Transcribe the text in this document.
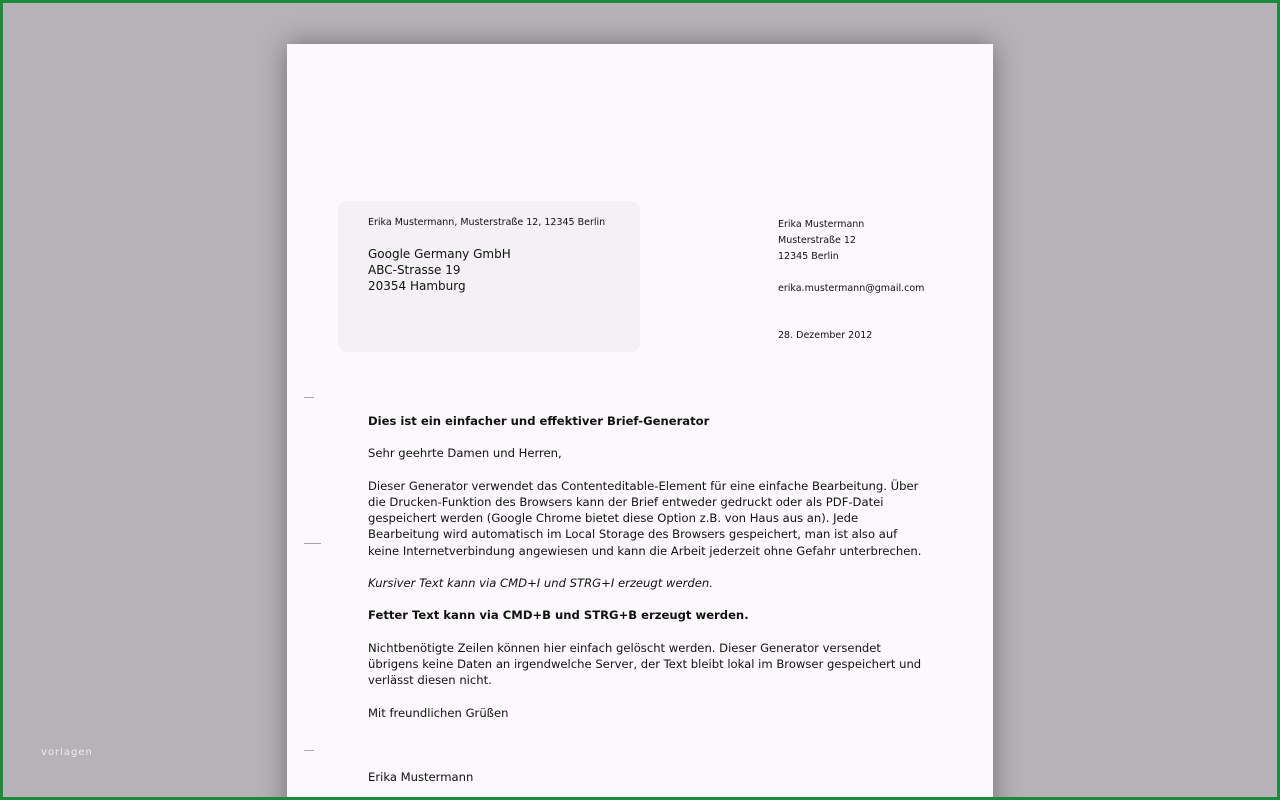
vorlagen
Erika Mustermann, Musterstraße 12, 12345 Berlin
Google Germany GmbH
ABC-Strasse 19
20354 Hamburg
Erika Mustermann
Musterstraße 12
12345 Berlin
erika.mustermann@gmail.com
28. Dezember 2012

Dies ist ein einfacher und effektiver Brief-Generator

Sehr geehrte Damen und Herren,

Dieser Generator verwendet das Contenteditable-Element für eine einfache Bearbeitung. Über die Drucken-Funktion des Browsers kann der Brief entweder gedruckt oder als PDF-Datei gespeichert werden (Google Chrome bietet diese Option z.B. von Haus aus an). Jede Bearbeitung wird automatisch im Local Storage des Browsers gespeichert, man ist also auf keine Internetverbindung angewiesen und kann die Arbeit jederzeit ohne Gefahr unterbrechen.

Kursiver Text kann via CMD+I und STRG+I erzeugt werden.

Fetter Text kann via CMD+B und STRG+B erzeugt werden.

Nichtbenötigte Zeilen können hier einfach gelöscht werden. Dieser Generator versendet übrigens keine Daten an irgendwelche Server, der Text bleibt lokal im Browser gespeichert und verlässt diesen nicht.

Mit freundlichen Grüßen

Erika Mustermann
